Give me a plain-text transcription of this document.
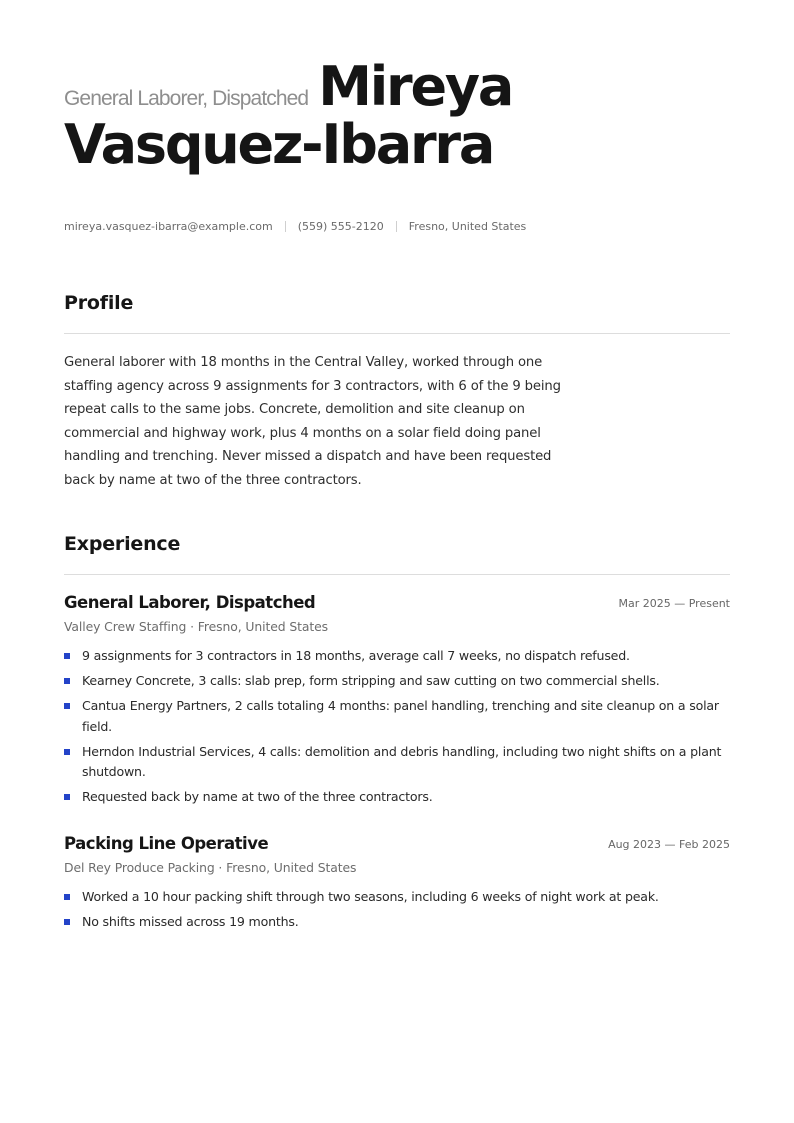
General Laborer, Dispatched Mireya
Vasquez-Ibarra
mireya.vasquez-ibarra@example.com (559) 555-2120 Fresno, United States
Profile
General laborer with 18 months in the Central Valley, worked through one staffing agency across 9 assignments for 3 contractors, with 6 of the 9 being repeat calls to the same jobs. Concrete, demolition and site cleanup on commercial and highway work, plus 4 months on a solar field doing panel handling and trenching. Never missed a dispatch and have been requested back by name at two of the three contractors.
Experience
General Laborer, Dispatched	Mar 2025 — Present
Valley Crew Staffing · Fresno, United States
9 assignments for 3 contractors in 18 months, average call 7 weeks, no dispatch refused.
Kearney Concrete, 3 calls: slab prep, form stripping and saw cutting on two commercial shells.
Cantua Energy Partners, 2 calls totaling 4 months: panel handling, trenching and site cleanup on a solar field.
Herndon Industrial Services, 4 calls: demolition and debris handling, including two night shifts on a plant shutdown.
Requested back by name at two of the three contractors.
Packing Line Operative	Aug 2023 — Feb 2025
Del Rey Produce Packing · Fresno, United States
Worked a 10 hour packing shift through two seasons, including 6 weeks of night work at peak.
No shifts missed across 19 months.
